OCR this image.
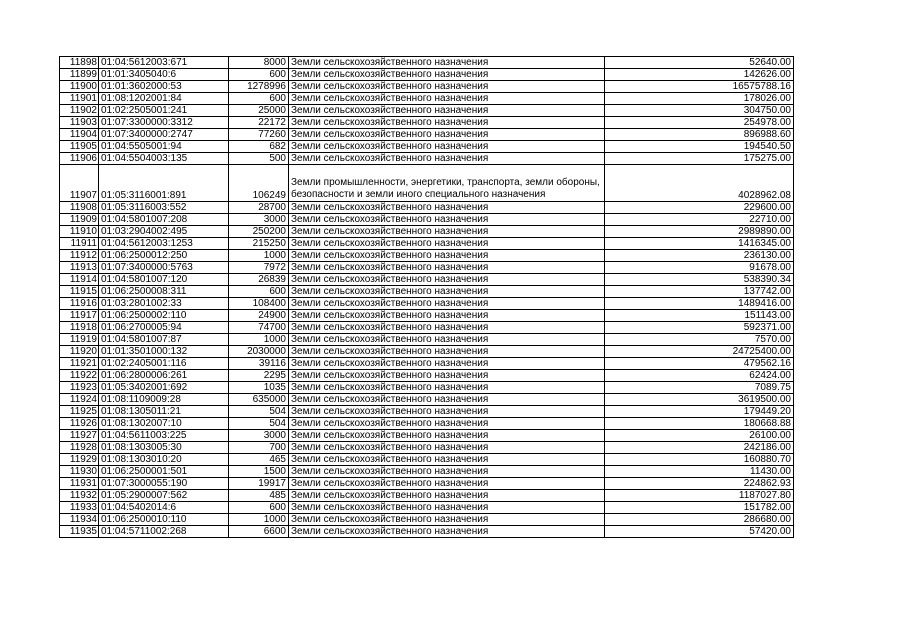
11898	01:04:5612003:671	8000	Земли сельскохозяйственного назначения	52640.00
11899	01:01:3405040:6	600	Земли сельскохозяйственного назначения	142626.00
11900	01:01:3602000:53	1278996	Земли сельскохозяйственного назначения	16575788.16
11901	01:08:1202001:84	600	Земли сельскохозяйственного назначения	178026.00
11902	01:02:2505001:241	25000	Земли сельскохозяйственного назначения	304750.00
11903	01:07:3300000:3312	22172	Земли сельскохозяйственного назначения	254978.00
11904	01:07:3400000:2747	77260	Земли сельскохозяйственного назначения	896988.60
11905	01:04:5505001:94	682	Земли сельскохозяйственного назначения	194540.50
11906	01:04:5504003:135	500	Земли сельскохозяйственного назначения	175275.00
11907	01:05:3116001:891	106249	Земли промышленности, энергетики, транспорта, земли обороны, безопасности и земли иного специального назначения	4028962.08
11908	01:05:3116003:552	28700	Земли сельскохозяйственного назначения	229600.00
11909	01:04:5801007:208	3000	Земли сельскохозяйственного назначения	22710.00
11910	01:03:2904002:495	250200	Земли сельскохозяйственного назначения	2989890.00
11911	01:04:5612003:1253	215250	Земли сельскохозяйственного назначения	1416345.00
11912	01:06:2500012:250	1000	Земли сельскохозяйственного назначения	236130.00
11913	01:07:3400000:5763	7972	Земли сельскохозяйственного назначения	91678.00
11914	01:04:5801007:120	26839	Земли сельскохозяйственного назначения	538390.34
11915	01:06:2500008:311	600	Земли сельскохозяйственного назначения	137742.00
11916	01:03:2801002:33	108400	Земли сельскохозяйственного назначения	1489416.00
11917	01:06:2500002:110	24900	Земли сельскохозяйственного назначения	151143.00
11918	01:06:2700005:94	74700	Земли сельскохозяйственного назначения	592371.00
11919	01:04:5801007:87	1000	Земли сельскохозяйственного назначения	7570.00
11920	01:01:3501000:132	2030000	Земли сельскохозяйственного назначения	24725400.00
11921	01:02:2405001:116	39116	Земли сельскохозяйственного назначения	479562.16
11922	01:06:2800006:261	2295	Земли сельскохозяйственного назначения	62424.00
11923	01:05:3402001:692	1035	Земли сельскохозяйственного назначения	7089.75
11924	01:08:1109009:28	635000	Земли сельскохозяйственного назначения	3619500.00
11925	01:08:1305011:21	504	Земли сельскохозяйственного назначения	179449.20
11926	01:08:1302007:10	504	Земли сельскохозяйственного назначения	180668.88
11927	01:04:5611003:225	3000	Земли сельскохозяйственного назначения	26100.00
11928	01:08:1303005:30	700	Земли сельскохозяйственного назначения	242186.00
11929	01:08:1303010:20	465	Земли сельскохозяйственного назначения	160880.70
11930	01:06:2500001:501	1500	Земли сельскохозяйственного назначения	11430.00
11931	01:07:3000055:190	19917	Земли сельскохозяйственного назначения	224862.93
11932	01:05:2900007:562	485	Земли сельскохозяйственного назначения	1187027.80
11933	01:04:5402014:6	600	Земли сельскохозяйственного назначения	151782.00
11934	01:06:2500010:110	1000	Земли сельскохозяйственного назначения	286680.00
11935	01:04:5711002:268	6600	Земли сельскохозяйственного назначения	57420.00
